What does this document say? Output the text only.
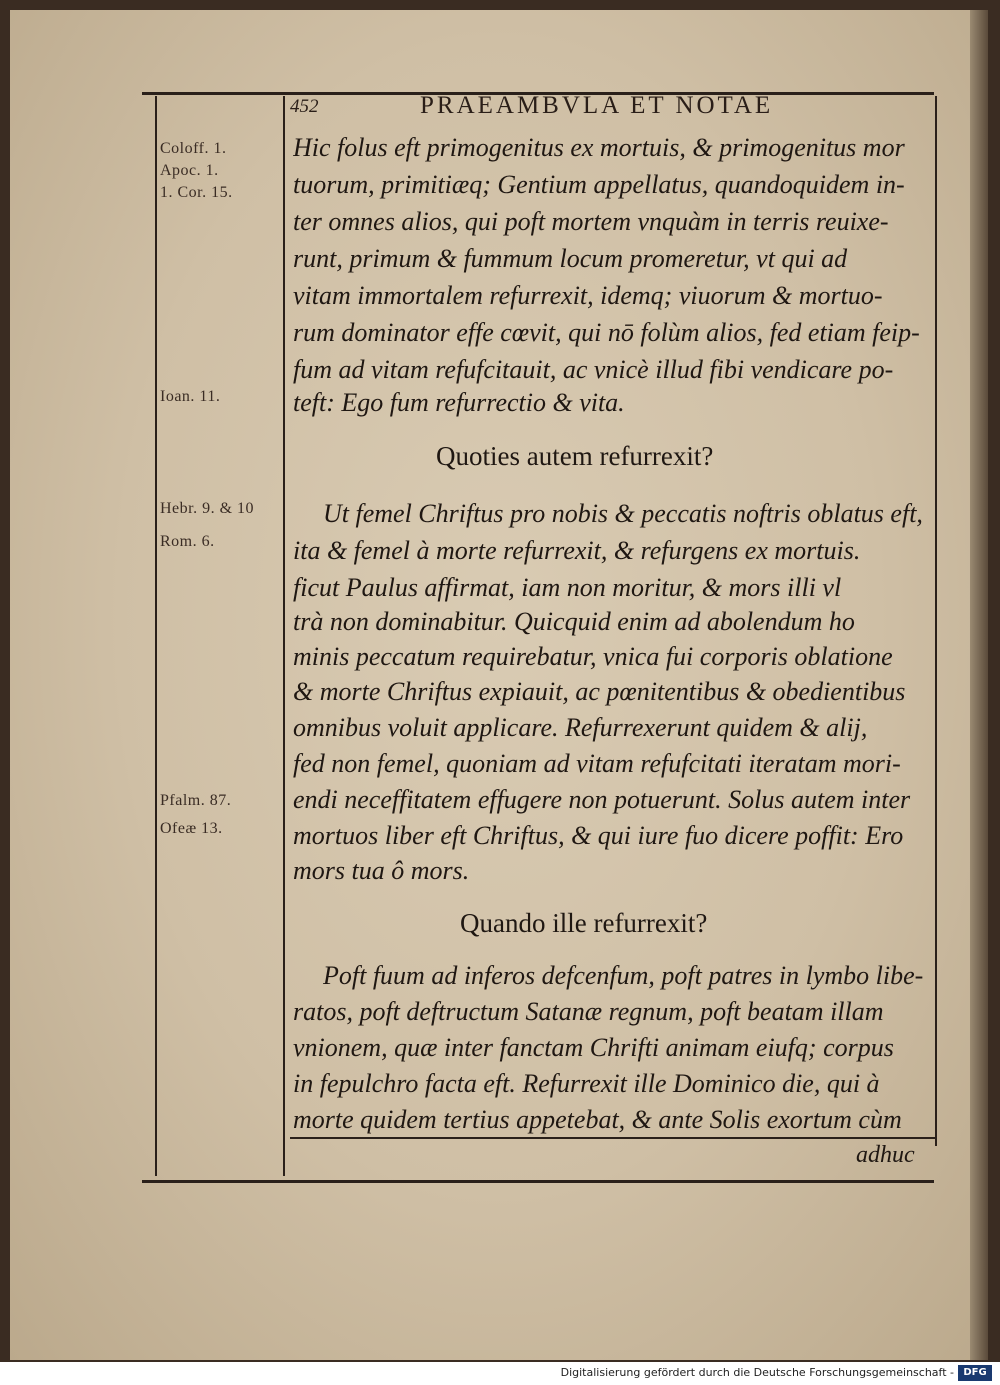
452	PRAEAMBVLA ET NOTAE
Coloff. 1.
Apoc. 1.
1. Cor. 15.
Ioan. 11.
Hebr. 9. & 10
Rom. 6.
Pfalm. 87.
Ofeæ 13.
Hic folus eft primogenitus ex mortuis, & primogenitus mor
tuorum, primitiæq; Gentium appellatus, quandoquidem in-
ter omnes alios, qui poft mortem vnquàm in terris reuixe-
runt, primum & fummum locum promeretur, vt qui ad
vitam immortalem refurrexit, idemq; viuorum & mortuo-
rum dominator effe cœvit, qui nō folùm alios, fed etiam feip-
fum ad vitam refufcitauit, ac vnicè illud fibi vendicare po-
teft: Ego fum refurrectio & vita.
Quoties autem refurrexit?
Ut femel Chriftus pro nobis & peccatis noftris oblatus eft,
ita & femel à morte refurrexit, & refurgens ex mortuis.
ficut Paulus affirmat, iam non moritur, & mors illi vl
trà non dominabitur. Quicquid enim ad abolendum ho
minis peccatum requirebatur, vnica fui corporis oblatione
& morte Chriftus expiauit, ac pœnitentibus & obedientibus
omnibus voluit applicare. Refurrexerunt quidem & alij,
fed non femel, quoniam ad vitam refufcitati iteratam mori-
endi neceffitatem effugere non potuerunt. Solus autem inter
mortuos liber eft Chriftus, & qui iure fuo dicere poffit: Ero
mors tua ô mors.
Quando ille refurrexit?
Poft fuum ad inferos defcenfum, poft patres in lymbo libe-
ratos, poft deftructum Satanæ regnum, poft beatam illam
vnionem, quæ inter fanctam Chrifti animam eiufq; corpus
in fepulchro facta eft. Refurrexit ille Dominico die, qui à
morte quidem tertius appetebat, & ante Solis exortum cùm
adhuc
Digitalisierung gefördert durch die Deutsche Forschungsgemeinschaft - DFG
